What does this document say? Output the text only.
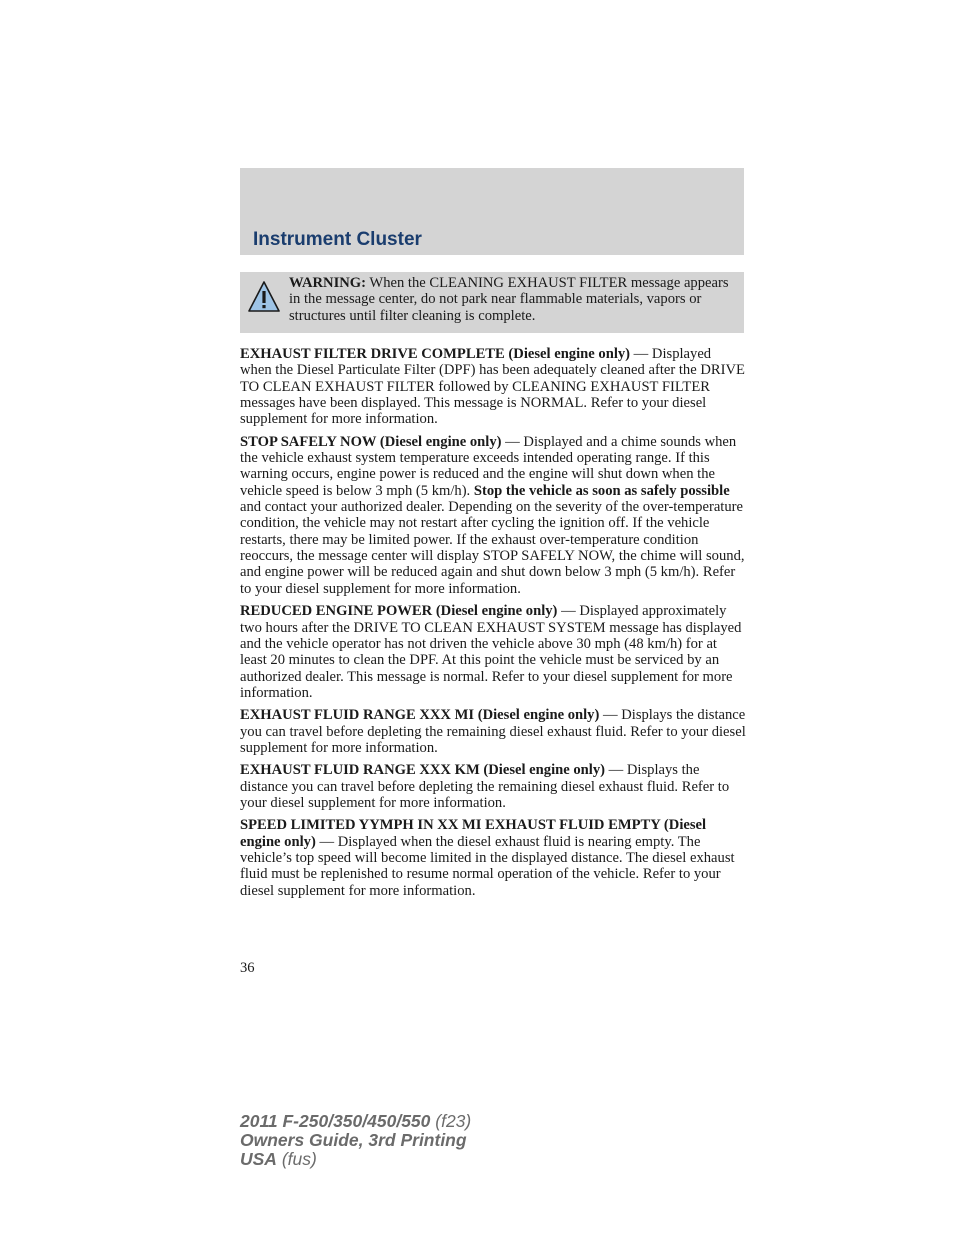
Instrument Cluster
WARNING: When the CLEANING EXHAUST FILTER message appears in the message center, do not park near flammable materials, vapors or structures until filter cleaning is complete.

EXHAUST FILTER DRIVE COMPLETE (Diesel engine only) — Displayed when the Diesel Particulate Filter (DPF) has been adequately cleaned after the DRIVE TO CLEAN EXHAUST FILTER followed by CLEANING EXHAUST FILTER messages have been displayed. This message is NORMAL. Refer to your diesel supplement for more information.

STOP SAFELY NOW (Diesel engine only) — Displayed and a chime sounds when the vehicle exhaust system temperature exceeds intended operating range. If this warning occurs, engine power is reduced and the engine will shut down when the vehicle speed is below 3 mph (5 km/h). Stop the vehicle as soon as safely possible and contact your authorized dealer. Depending on the severity of the over-temperature condition, the vehicle may not restart after cycling the ignition off. If the vehicle restarts, there may be limited power. If the exhaust over-temperature condition reoccurs, the message center will display STOP SAFELY NOW, the chime will sound, and engine power will be reduced again and shut down below 3 mph (5 km/h). Refer to your diesel supplement for more information.

REDUCED ENGINE POWER (Diesel engine only) — Displayed approximately two hours after the DRIVE TO CLEAN EXHAUST SYSTEM message has displayed and the vehicle operator has not driven the vehicle above 30 mph (48 km/h) for at least 20 minutes to clean the DPF. At this point the vehicle must be serviced by an authorized dealer. This message is normal. Refer to your diesel supplement for more information.

EXHAUST FLUID RANGE XXX MI (Diesel engine only) — Displays the distance you can travel before depleting the remaining diesel exhaust fluid. Refer to your diesel supplement for more information.

EXHAUST FLUID RANGE XXX KM (Diesel engine only) — Displays the distance you can travel before depleting the remaining diesel exhaust fluid. Refer to your diesel supplement for more information.

SPEED LIMITED YYMPH IN XX MI EXHAUST FLUID EMPTY (Diesel engine only) — Displayed when the diesel exhaust fluid is nearing empty. The vehicle’s top speed will become limited in the displayed distance. The diesel exhaust fluid must be replenished to resume normal operation of the vehicle. Refer to your diesel supplement for more information.

36
2011 F-250/350/450/550 (f23)
Owners Guide, 3rd Printing
USA (fus)
